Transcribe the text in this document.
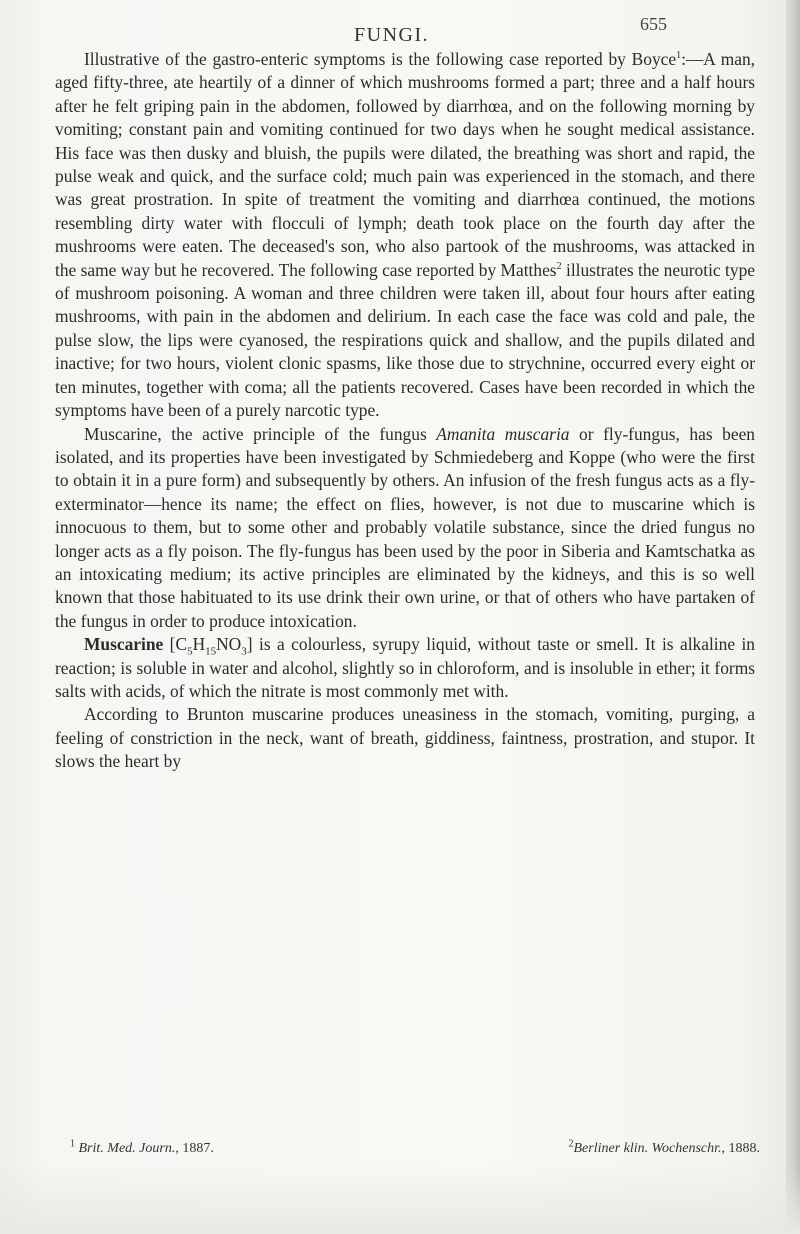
FUNGI.	655

Illustrative of the gastro-enteric symptoms is the following case reported by Boyce$^1$:—A man, aged fifty-three, ate heartily of a dinner of which mushrooms formed a part; three and a half hours after he felt griping pain in the abdomen, followed by diarrhœa, and on the following morning by vomiting; constant pain and vomiting continued for two days when he sought medical assistance. His face was then dusky and bluish, the pupils were dilated, the breathing was short and rapid, the pulse weak and quick, and the surface cold; much pain was experienced in the stomach, and there was great prostration. In spite of treatment the vomiting and diarrhœa continued, the motions resembling dirty water with flocculi of lymph; death took place on the fourth day after the mushrooms were eaten. The deceased's son, who also partook of the mushrooms, was attacked in the same way but he recovered. The following case reported by Matthes$^2$ illustrates the neurotic type of mushroom poisoning. A woman and three children were taken ill, about four hours after eating mushrooms, with pain in the abdomen and delirium. In each case the face was cold and pale, the pulse slow, the lips were cyanosed, the respirations quick and shallow, and the pupils dilated and inactive; for two hours, violent clonic spasms, like those due to strychnine, occurred every eight or ten minutes, together with coma; all the patients recovered. Cases have been recorded in which the symptoms have been of a purely narcotic type.

Muscarine, the active principle of the fungus Amanita muscaria or fly-fungus, has been isolated, and its properties have been investigated by Schmiedeberg and Koppe (who were the first to obtain it in a pure form) and subsequently by others. An infusion of the fresh fungus acts as a fly-exterminator—hence its name; the effect on flies, however, is not due to muscarine which is innocuous to them, but to some other and probably volatile substance, since the dried fungus no longer acts as a fly poison. The fly-fungus has been used by the poor in Siberia and Kamtschatka as an intoxicating medium; its active principles are eliminated by the kidneys, and this is so well known that those habituated to its use drink their own urine, or that of others who have partaken of the fungus in order to produce intoxication.

Muscarine $[C_5H_{15}NO_3]$ is a colourless, syrupy liquid, without taste or smell. It is alkaline in reaction; is soluble in water and alcohol, slightly so in chloroform, and is insoluble in ether; it forms salts with acids, of which the nitrate is most commonly met with.

According to Brunton muscarine produces uneasiness in the stomach, vomiting, purging, a feeling of constriction in the neck, want of breath, giddiness, faintness, prostration, and stupor. It slows the heart by

$^1$ Brit. Med. Journ., 1887.	$^2$Berliner klin. Wochenschr., 1888.
